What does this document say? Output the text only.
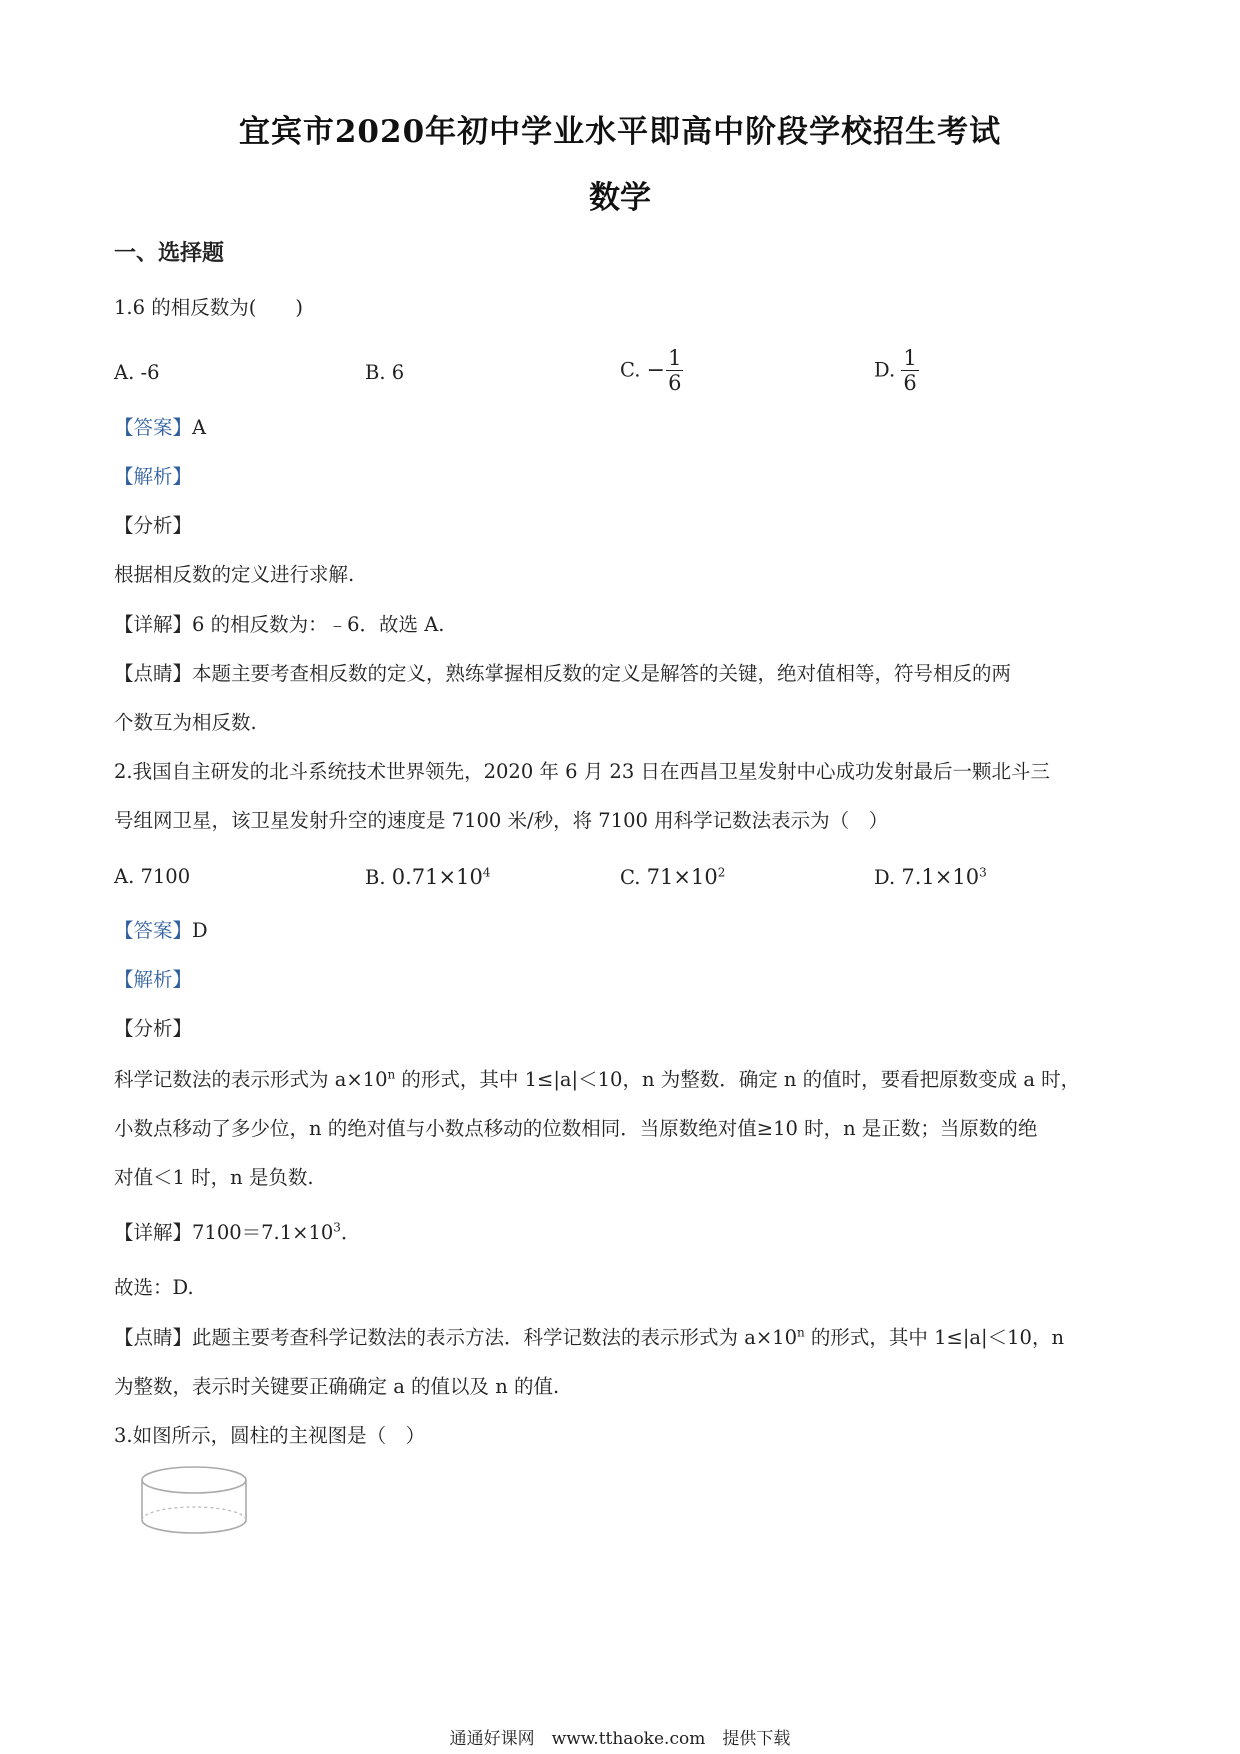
宜宾市2020年初中学业水平即高中阶段学校招生考试
数学
一、选择题
1.6 的相反数为(　　)
A. -6	B. 6	C. − $\frac{1}{6}$	D. $\frac{1}{6}$
【答案】A
【解析】
【分析】
根据相反数的定义进行求解.
【详解】6 的相反数为：﹣6．故选 A.
【点睛】本题主要考查相反数的定义，熟练掌握相反数的定义是解答的关键，绝对值相等，符号相反的两
个数互为相反数.
2.我国自主研发的北斗系统技术世界领先，2020 年 6 月 23 日在西昌卫星发射中心成功发射最后一颗北斗三
号组网卫星，该卫星发射升空的速度是 7100 米/秒，将 7100 用科学记数法表示为（　）
A. 7100	B. $0.71\times 10^4$	C. $71\times 10^2$	D. $7.1\times 10^3$
【答案】D
【解析】
【分析】
科学记数法的表示形式为 $a\times 10^n$ 的形式，其中 1≤|a|＜10，n 为整数．确定 n 的值时，要看把原数变成 a 时，
小数点移动了多少位，n 的绝对值与小数点移动的位数相同．当原数绝对值≥10 时，n 是正数；当原数的绝
对值＜1 时，n 是负数.
【详解】$7100=7.1\times 10^3$．
故选：D.
【点睛】此题主要考查科学记数法的表示方法．科学记数法的表示形式为 $a\times 10^n$ 的形式，其中 1≤|a|＜10，n
为整数，表示时关键要正确确定 a 的值以及 n 的值.
3.如图所示，圆柱的主视图是（　）
通通好课网　www.tthaoke.com　提供下载
